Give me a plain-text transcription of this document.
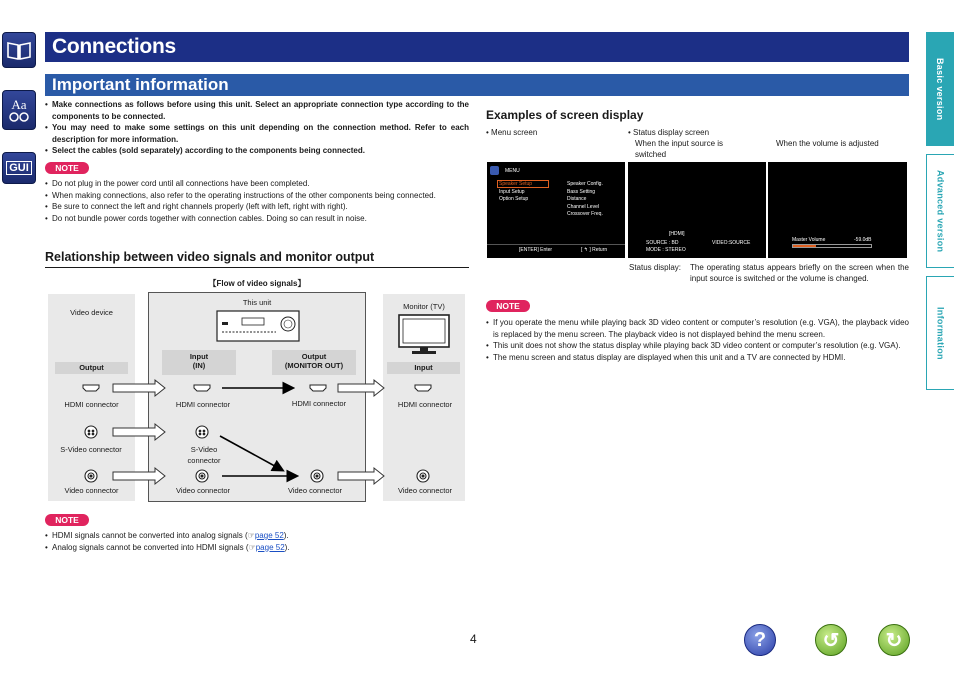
Aa
GUI
Connections
Important information	Basic version
Advanced version
Information
• Make connections as follows before using this unit. Select an appropriate connection type according to the components to be connected.
• You may need to make some settings on this unit depending on the connection method. Refer to each description for more information.
• Select the cables (sold separately) according to the components being connected.
NOTE
• Do not plug in the power cord until all connections have been completed.
• When making connections, also refer to the operating instructions of the other components being connected.
• Be sure to connect the left and right channels properly (left with left, right with right).
• Do not bundle power cords together with connection cables. Doing so can result in noise.
Relationship between video signals and monitor output
【Flow of video signals】
Video device
This unit	Monitor (TV)
Output
Input
(IN)
Output
(MONITOR OUT)	Input
HDMI connector	HDMI connector	HDMI connector	HDMI connector
S-Video connector	S-Video
connector
Video connector	Video connector	Video connector	Video connector
NOTE
• HDMI signals cannot be converted into analog signals (☞page 52).
• Analog signals cannot be converted into HDMI signals (☞page 52).
Examples of screen display
• Menu screen	• Status display screen
When the input source is switched
When the volume is adjusted
MENU
Speaker Setup
Input Setup
Option Setup
Speaker Config.
Bass Setting
Distance
Channel Level
Crossover Freq.
[ENTER] Enter	[ ↰ ] Return
[HDMI]
SOURCE : BD
MODE : STEREO
VIDEO:SOURCE	Master Volume	-59.0dB
Status display:	The operating status appears briefly on the screen when the input source is switched or the volume is changed.
NOTE
• If you operate the menu while playing back 3D video content or computer’s resolution (e.g. VGA), the playback video is replaced by the menu screen. The playback video is not displayed behind the menu screen.
• This unit does not show the status display while playing back 3D video content or computer’s resolution (e.g. VGA).
• The menu screen and status display are displayed when this unit and a TV are connected by HDMI.
4	?	↺ ↻
